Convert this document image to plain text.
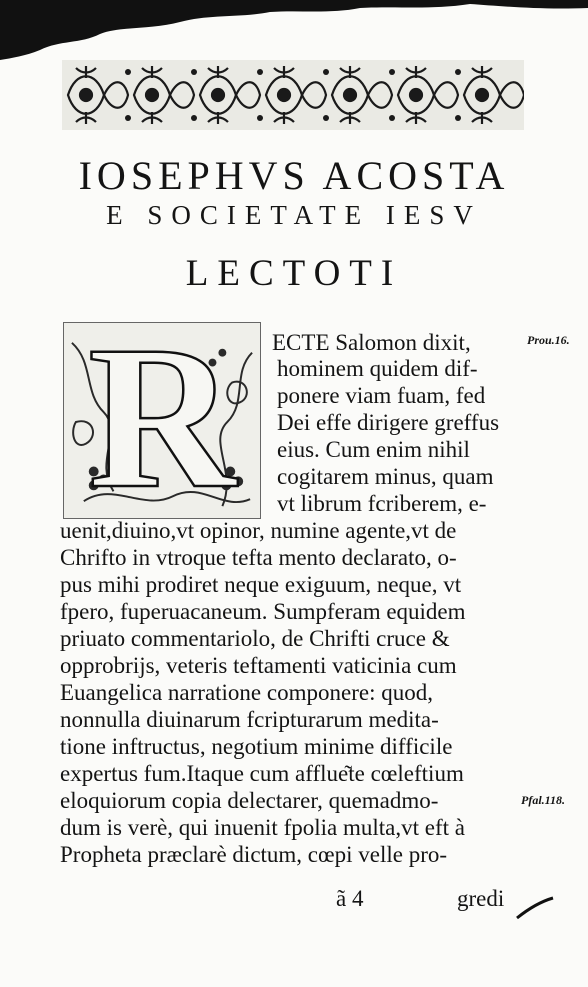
IOSEPHVS ACOSTA
E SOCIETATE IESV
LECTOTI
R	ECTE Salomon dixit,
hominem quidem dif-
ponere viam fuam, fed
Dei effe dirigere greffus
eius. Cum enim nihil
cogitarem minus, quam
vt librum fcriberem, e-
uenit,diuino,vt opinor, numine agente,vt de
Chrifto in vtroque tefta mento declarato, o-
pus mihi prodiret neque exiguum, neque, vt
fpero, fuperuacaneum. Sumpferam equidem
priuato commentariolo, de Chrifti cruce &
opprobrijs, veteris teftamenti vaticinia cum
Euangelica narratione componere: quod,
nonnulla diuinarum fcripturarum medita-
tione inftructus, negotium minime difficile
expertus fum.Itaque cum afflue͂te cœleftium
eloquiorum copia delectarer, quemadmo-
dum is verè, qui inuenit fpolia multa,vt eft à
Propheta præclarè dictum, cœpi velle pro-
Prou.16.
Pfal.118.
ã 4	gredi
